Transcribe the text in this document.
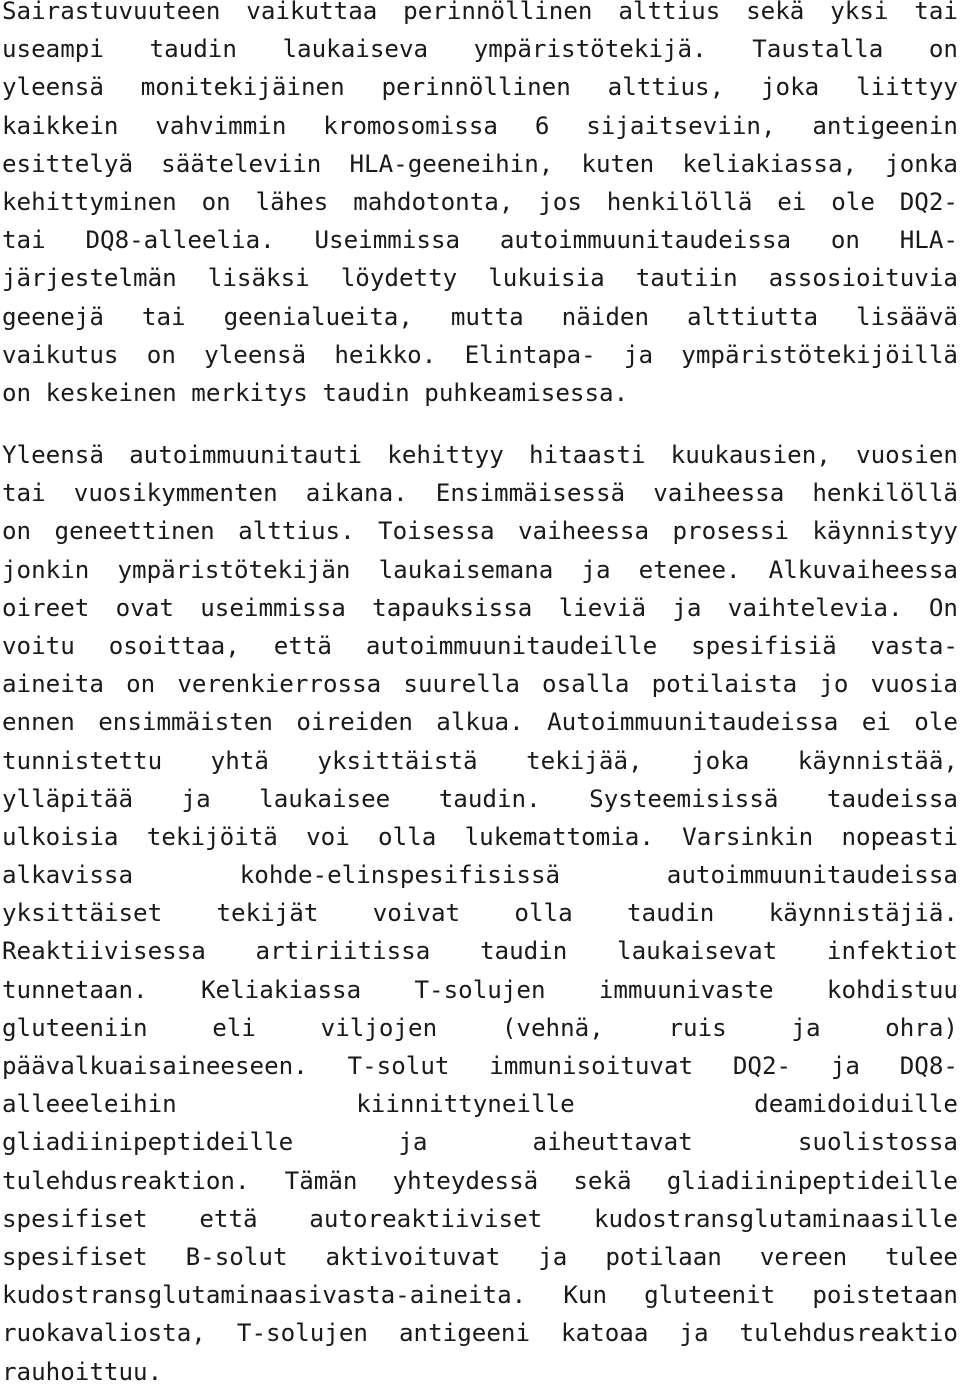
Sairastuvuuteen vaikuttaa perinnöllinen alttius sekä yksi tai
useampi taudin laukaiseva ympäristötekijä. Taustalla on
yleensä monitekijäinen perinnöllinen alttius, joka liittyy
kaikkein vahvimmin kromosomissa 6 sijaitseviin, antigeenin
esittelyä sääteleviin HLA-geeneihin, kuten keliakiassa, jonka
kehittyminen on lähes mahdotonta, jos henkilöllä ei ole DQ2-
tai DQ8-alleelia. Useimmissa autoimmuunitaudeissa on HLA-
järjestelmän lisäksi löydetty lukuisia tautiin assosioituvia
geenejä tai geenialueita, mutta näiden alttiutta lisäävä
vaikutus on yleensä heikko. Elintapa- ja ympäristötekijöillä
on keskeinen merkitys taudin puhkeamisessa.
Yleensä autoimmuunitauti kehittyy hitaasti kuukausien, vuosien
tai vuosikymmenten aikana. Ensimmäisessä vaiheessa henkilöllä
on geneettinen alttius. Toisessa vaiheessa prosessi käynnistyy
jonkin ympäristötekijän laukaisemana ja etenee. Alkuvaiheessa
oireet ovat useimmissa tapauksissa lieviä ja vaihtelevia. On
voitu osoittaa, että autoimmuunitaudeille spesifisiä vasta-
aineita on verenkierrossa suurella osalla potilaista jo vuosia
ennen ensimmäisten oireiden alkua. Autoimmuunitaudeissa ei ole
tunnistettu yhtä yksittäistä tekijää, joka käynnistää,
ylläpitää ja laukaisee taudin. Systeemisissä taudeissa
ulkoisia tekijöitä voi olla lukemattomia. Varsinkin nopeasti
alkavissa kohde-elinspesifisissä autoimmuunitaudeissa
yksittäiset tekijät voivat olla taudin käynnistäjiä.
Reaktiivisessa artiriitissa taudin laukaisevat infektiot
tunnetaan. Keliakiassa T-solujen immuunivaste kohdistuu
gluteeniin eli viljojen (vehnä, ruis ja ohra)
päävalkuaisaineeseen. T-solut immunisoituvat DQ2- ja DQ8-
alleeeleihin kiinnittyneille deamidoiduille
gliadiinipeptideille ja aiheuttavat suolistossa
tulehdusreaktion. Tämän yhteydessä sekä gliadiinipeptideille
spesifiset että autoreaktiiviset kudostransglutaminaasille
spesifiset B-solut aktivoituvat ja potilaan vereen tulee
kudostransglutaminaasivasta-aineita. Kun gluteenit poistetaan
ruokavaliosta, T-solujen antigeeni katoaa ja tulehdusreaktio
rauhoittuu.
